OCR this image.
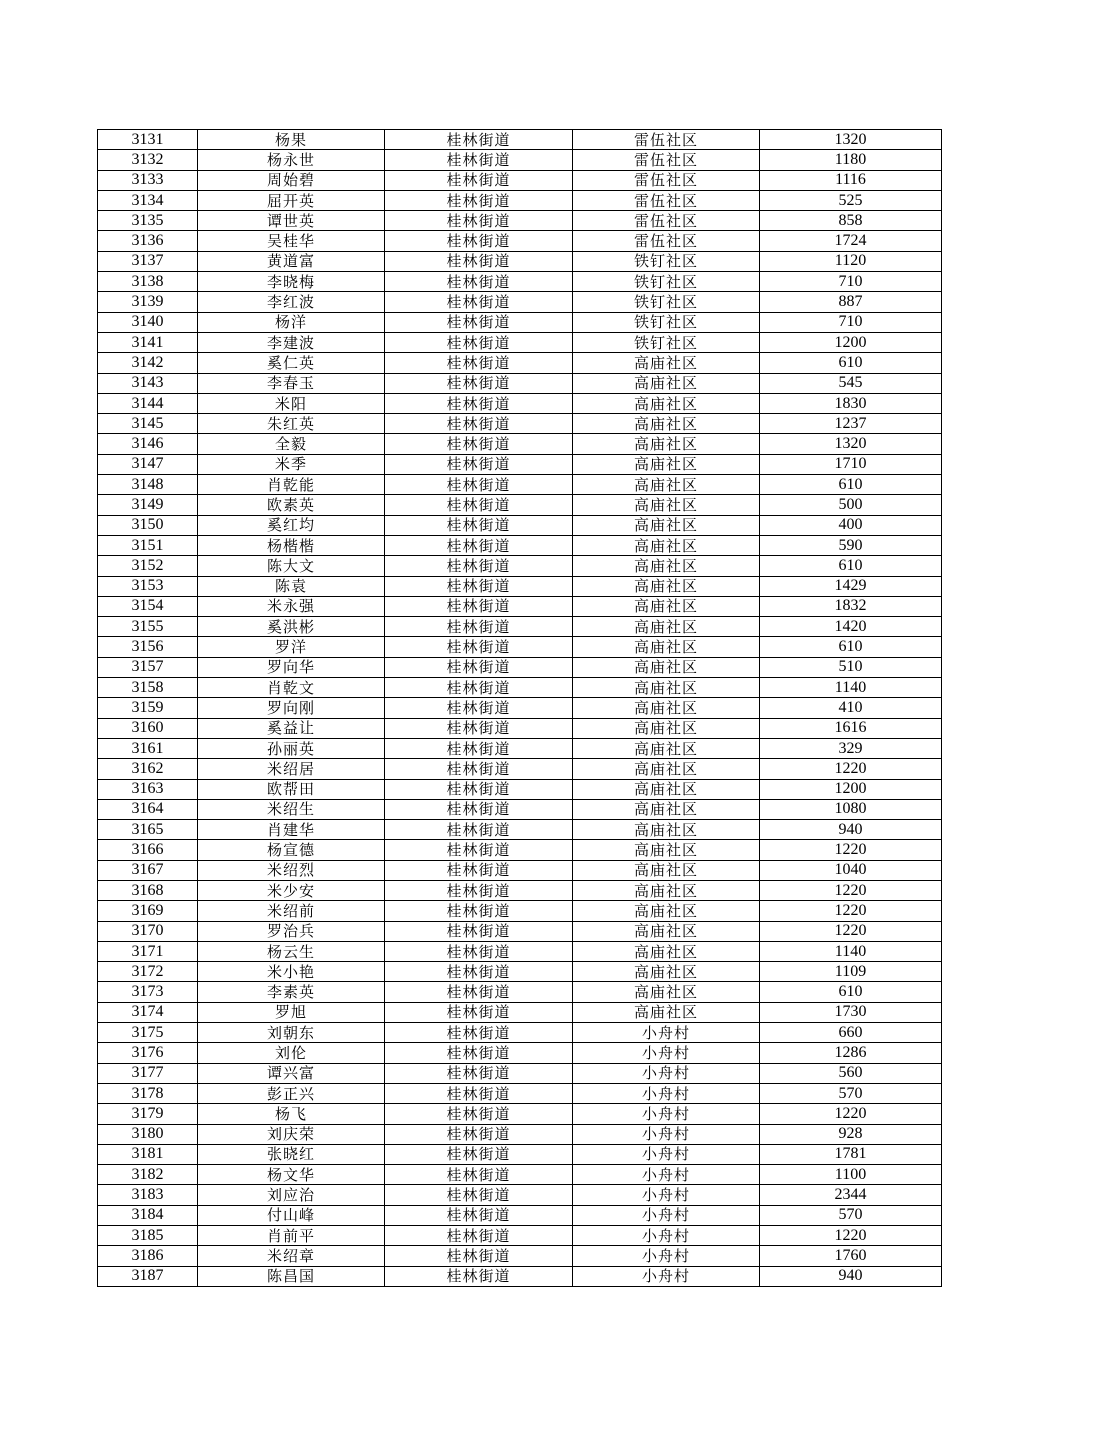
3131	杨果	桂林街道	雷伍社区	1320
3132	杨永世	桂林街道	雷伍社区	1180
3133	周始碧	桂林街道	雷伍社区	1116
3134	屈开英	桂林街道	雷伍社区	525
3135	谭世英	桂林街道	雷伍社区	858
3136	吴桂华	桂林街道	雷伍社区	1724
3137	黄道富	桂林街道	铁钉社区	1120
3138	李晓梅	桂林街道	铁钉社区	710
3139	李红波	桂林街道	铁钉社区	887
3140	杨洋	桂林街道	铁钉社区	710
3141	李建波	桂林街道	铁钉社区	1200
3142	奚仁英	桂林街道	高庙社区	610
3143	李春玉	桂林街道	高庙社区	545
3144	米阳	桂林街道	高庙社区	1830
3145	朱红英	桂林街道	高庙社区	1237
3146	全毅	桂林街道	高庙社区	1320
3147	米季	桂林街道	高庙社区	1710
3148	肖乾能	桂林街道	高庙社区	610
3149	欧素英	桂林街道	高庙社区	500
3150	奚红均	桂林街道	高庙社区	400
3151	杨楷楷	桂林街道	高庙社区	590
3152	陈大文	桂林街道	高庙社区	610
3153	陈袁	桂林街道	高庙社区	1429
3154	米永强	桂林街道	高庙社区	1832
3155	奚洪彬	桂林街道	高庙社区	1420
3156	罗洋	桂林街道	高庙社区	610
3157	罗向华	桂林街道	高庙社区	510
3158	肖乾文	桂林街道	高庙社区	1140
3159	罗向刚	桂林街道	高庙社区	410
3160	奚益让	桂林街道	高庙社区	1616
3161	孙丽英	桂林街道	高庙社区	329
3162	米绍居	桂林街道	高庙社区	1220
3163	欧帮田	桂林街道	高庙社区	1200
3164	米绍生	桂林街道	高庙社区	1080
3165	肖建华	桂林街道	高庙社区	940
3166	杨宣德	桂林街道	高庙社区	1220
3167	米绍烈	桂林街道	高庙社区	1040
3168	米少安	桂林街道	高庙社区	1220
3169	米绍前	桂林街道	高庙社区	1220
3170	罗治兵	桂林街道	高庙社区	1220
3171	杨云生	桂林街道	高庙社区	1140
3172	米小艳	桂林街道	高庙社区	1109
3173	李素英	桂林街道	高庙社区	610
3174	罗旭	桂林街道	高庙社区	1730
3175	刘朝东	桂林街道	小舟村	660
3176	刘伦	桂林街道	小舟村	1286
3177	谭兴富	桂林街道	小舟村	560
3178	彭正兴	桂林街道	小舟村	570
3179	杨飞	桂林街道	小舟村	1220
3180	刘庆荣	桂林街道	小舟村	928
3181	张晓红	桂林街道	小舟村	1781
3182	杨文华	桂林街道	小舟村	1100
3183	刘应治	桂林街道	小舟村	2344
3184	付山峰	桂林街道	小舟村	570
3185	肖前平	桂林街道	小舟村	1220
3186	米绍章	桂林街道	小舟村	1760
3187	陈昌国	桂林街道	小舟村	940
